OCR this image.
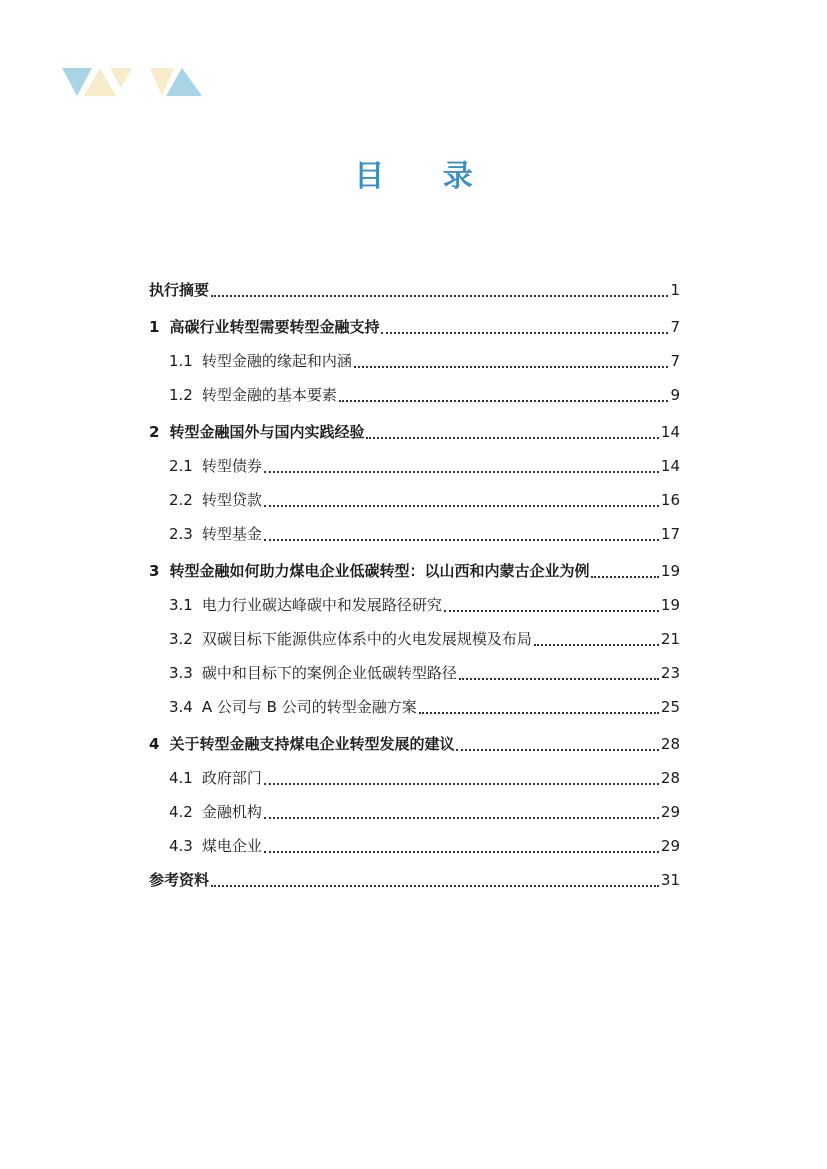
目 录
执行摘要	1
1 高碳行业转型需要转型金融支持	7
1.1 转型金融的缘起和内涵	7
1.2 转型金融的基本要素	9
2 转型金融国外与国内实践经验	14
2.1 转型债券	14
2.2 转型贷款	16
2.3 转型基金	17
3 转型金融如何助力煤电企业低碳转型：以山西和内蒙古企业为例	19
3.1 电力行业碳达峰碳中和发展路径研究	19
3.2 双碳目标下能源供应体系中的火电发展规模及布局	21
3.3 碳中和目标下的案例企业低碳转型路径	23
3.4 A 公司与 B 公司的转型金融方案	25
4 关于转型金融支持煤电企业转型发展的建议	28
4.1 政府部门	28
4.2 金融机构	29
4.3 煤电企业	29
参考资料	31
